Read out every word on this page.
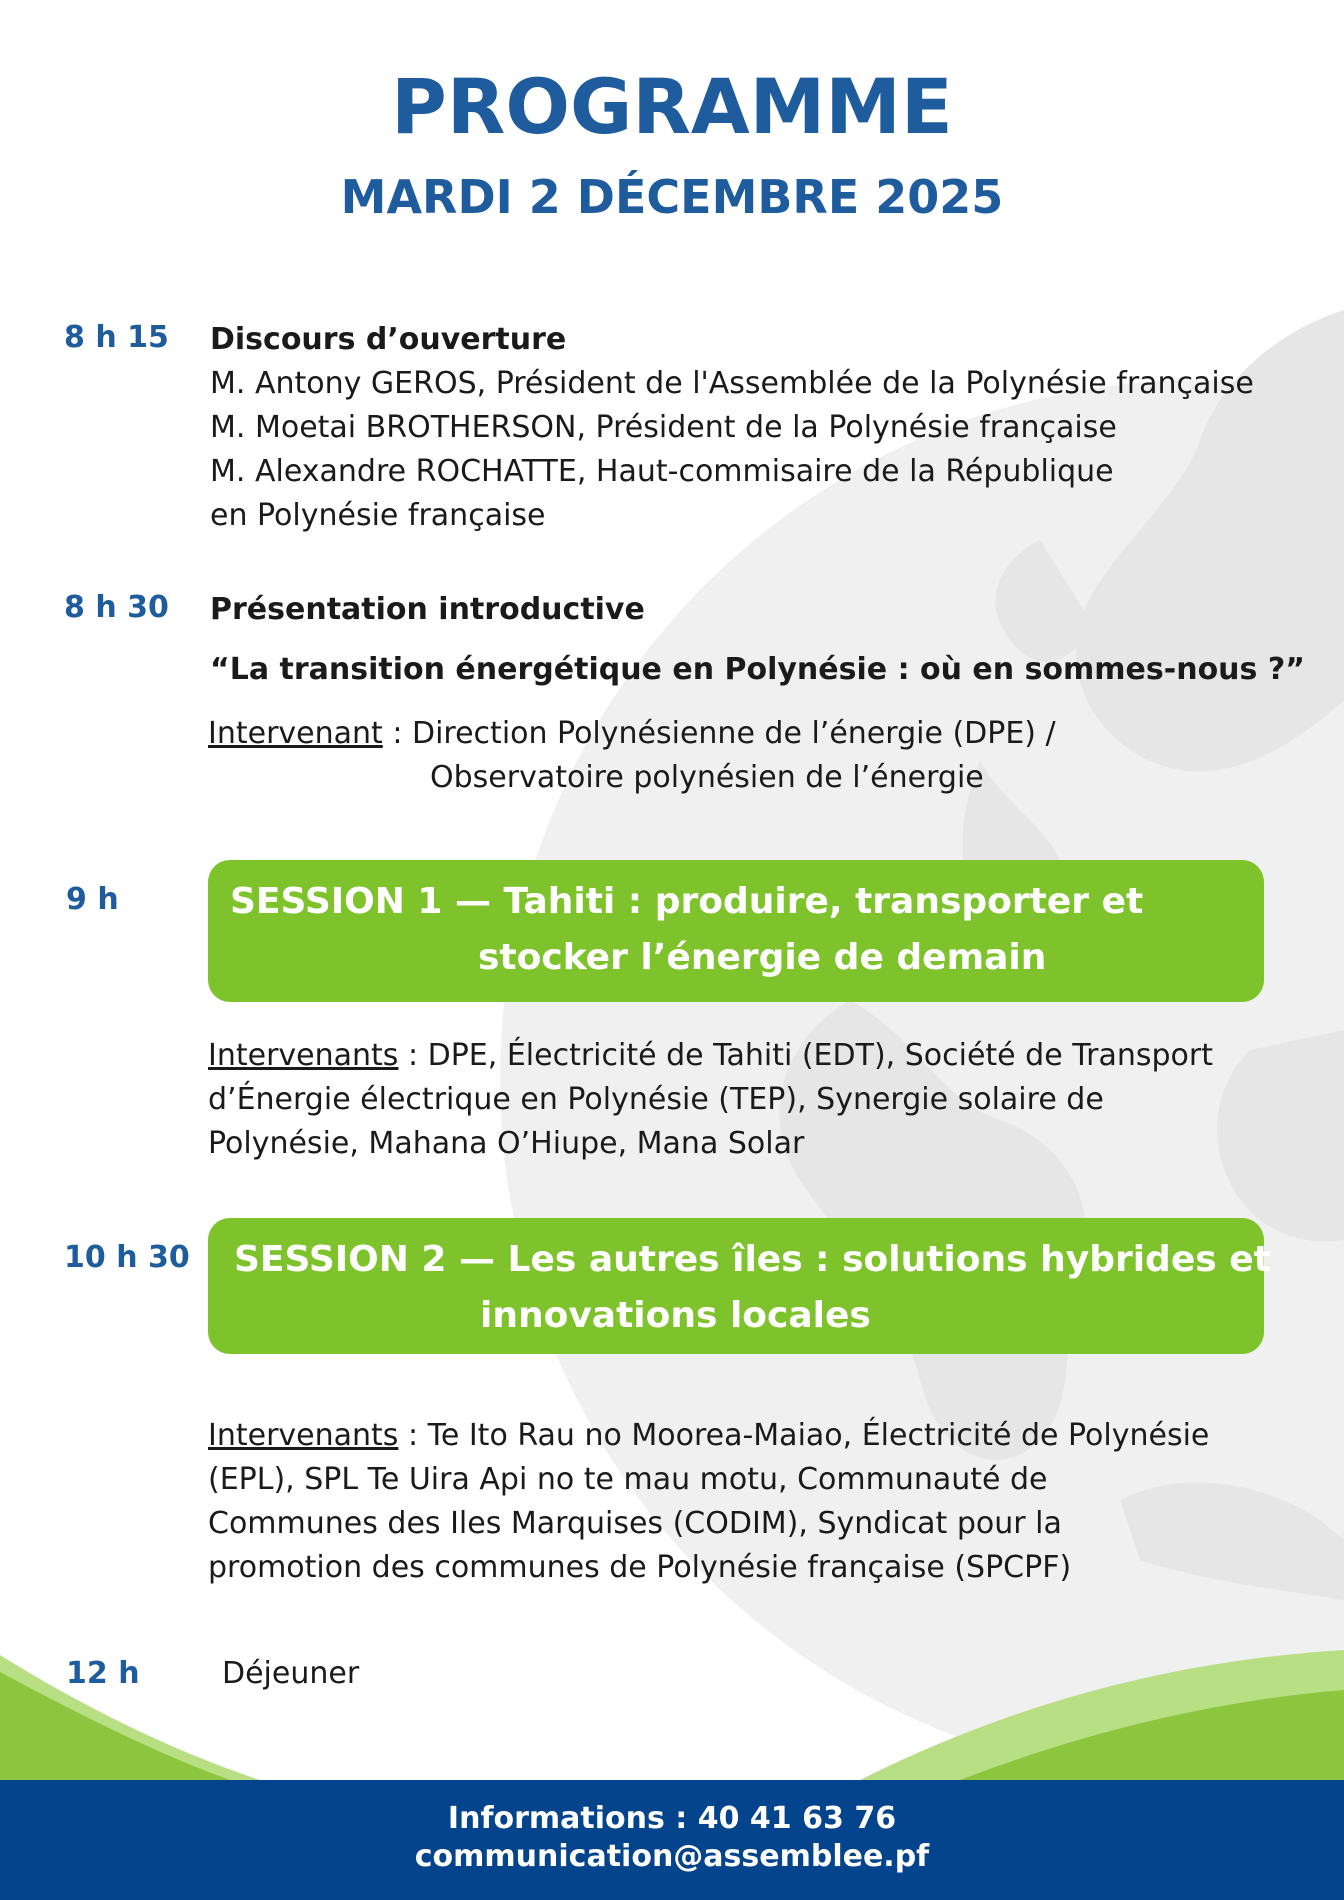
PROGRAMME
MARDI 2 DÉCEMBRE 2025
8 h 15 Discours d’ouverture
M. Antony GEROS, Président de l'Assemblée de la Polynésie française
M. Moetai BROTHERSON, Président de la Polynésie française
M. Alexandre ROCHATTE, Haut-commisaire de la République
en Polynésie française
8 h 30 Présentation introductive
“La transition énergétique en Polynésie : où en sommes-nous ?”
Intervenant : Direction Polynésienne de l’énergie (DPE) /
Observatoire polynésien de l’énergie
9 h	SESSION 1 — Tahiti : produire, transporter et
stocker l’énergie de demain
Intervenants : DPE, Électricité de Tahiti (EDT), Société de Transport
d’Énergie électrique en Polynésie (TEP), Synergie solaire de
Polynésie, Mahana O’Hiupe, Mana Solar
10 h 30	SESSION 2 — Les autres îles : solutions hybrides et
innovations locales
Intervenants : Te Ito Rau no Moorea-Maiao, Électricité de Polynésie
(EPL), SPL Te Uira Api no te mau motu, Communauté de
Communes des Iles Marquises (CODIM), Syndicat pour la
promotion des communes de Polynésie française (SPCPF)
12 h	Déjeuner
Informations : 40 41 63 76
communication@assemblee.pf
